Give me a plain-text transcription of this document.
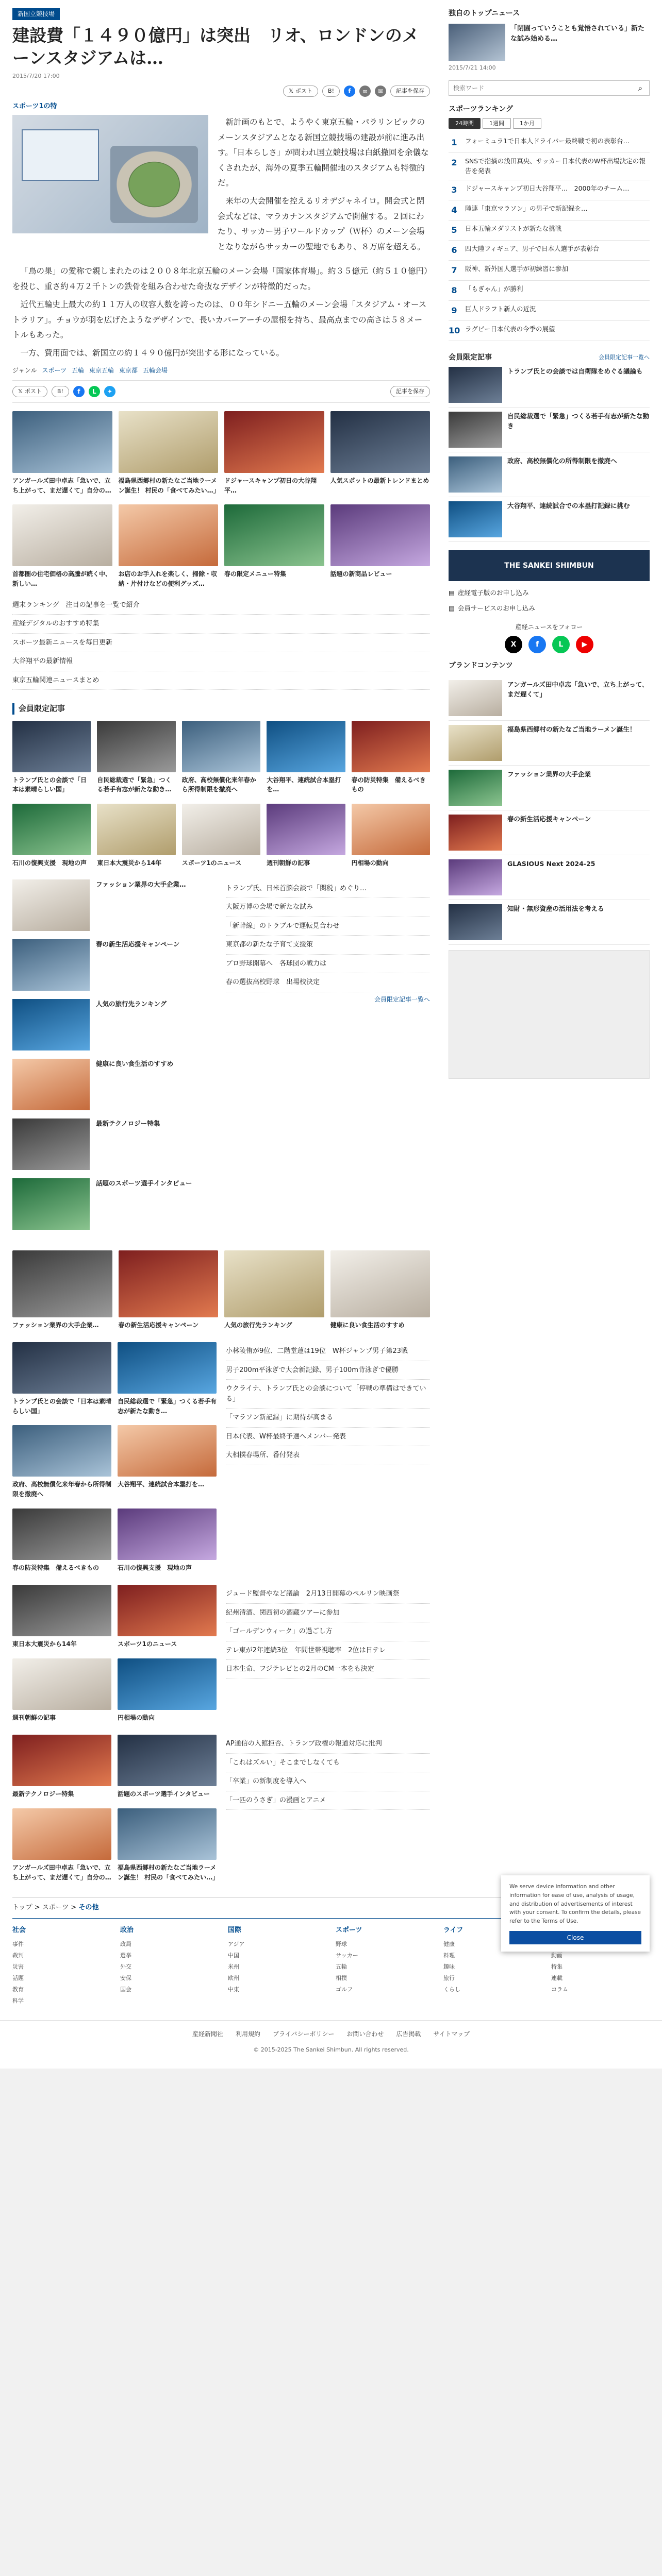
新国立競技場
建設費「１４９０億円」は突出　リオ、ロンドンのメーンスタジアムは…
2015/7/20 17:00
𝕏 ポスト	B!	f	∞	✉	記事を保存
スポーツ1の特

新計画のもとで、ようやく東京五輪・パラリンピックのメーンスタジアムとなる新国立競技場の建設が前に進み出す。「日本らしさ」が問われ国立競技場は白紙撤回を余儀なくされたが、海外の夏季五輪開催地のスタジアムも特徴的だ。

来年の大会開催を控えるリオデジャネイロ。開会式と閉会式などは、マラカナンスタジアムで開催する。２回にわたり、サッカー男子ワールドカップ（Ｗ杯）のメーン会場となりながらサッカーの聖地でもあり、８万席を超える。

「鳥の巣」の愛称で親しまれたのは２００８年北京五輪のメーン会場「国家体育場」。約３５億元（約５１０億円）を投じ、重さ約４万２千トンの鉄骨を組み合わせた奇抜なデザインが特徴的だった。

近代五輪史上最大の約１１万人の収容人数を誇ったのは、００年シドニー五輪のメーン会場「スタジアム・オーストラリア」。チョウが羽を広げたようなデザインで、長いカバーアーチの屋根を持ち、最高点までの高さは５８メートルもあった。

一方、費用面では、新国立の約１４９０億円が突出する形になっている。

ジャンル スポーツ 五輪 東京五輪 東京都 五輪会場
𝕏 ポスト	B!	f	L	✦	記事を保存
アンガールズ田中卓志「急いで、立ち上がって、まだ遅くて」自分の…
福島県西郷村の新たなご当地ラーメン誕生！ 村民の「食べてみたい…」
ドジャースキャンプ初日の大谷翔平…
人気スポットの最新トレンドまとめ
首都圏の住宅価格の高騰が続く中、新しい…
お店のお手入れを楽しく、掃除・収納・片付けなどの便利グッズ…
春の限定メニュー特集	話題の新商品レビュー
週末ランキング　注目の記事を一覧で紹介
産経デジタルのおすすめ特集
スポーツ最新ニュースを毎日更新
大谷翔平の最新情報
東京五輪関連ニュースまとめ
会員限定記事
トランプ氏との会談で「日本は素晴らしい国」
自民総裁選で「緊急」つくる若手有志が新たな動き…
政府、高校無償化来年春から所得制限を撤廃へ
大谷翔平、連続試合本塁打を…
春の防災特集　備えるべきもの
石川の復興支援　現地の声	東日本大震災から14年	スポーツ1のニュース	週刊朝鮮の記事	円相場の動向
ファッション業界の大手企業…
春の新生活応援キャンペーン
人気の旅行先ランキング
健康に良い食生活のすすめ
最新テクノロジー特集
話題のスポーツ選手インタビュー
トランプ氏、日米首脳会談で「関税」めぐり…
大阪万博の会場で新たな試み
「新幹線」のトラブルで運転見合わせ
東京都の新たな子育て支援策
プロ野球開幕へ　各球団の戦力は
春の選抜高校野球　出場校決定
会員限定記事一覧へ
ファッション業界の大手企業…	春の新生活応援キャンペーン	人気の旅行先ランキング	健康に良い食生活のすすめ
トランプ氏との会談で「日本は素晴らしい国」
自民総裁選で「緊急」つくる若手有志が新たな動き…
政府、高校無償化来年春から所得制限を撤廃へ
大谷翔平、連続試合本塁打を…
春の防災特集　備えるべきもの	石川の復興支援　現地の声
小林陵侑が9位、二階堂蓮は19位　W杯ジャンプ男子第23戦
男子200m平泳ぎで大会新記録、男子100m背泳ぎで優勝
ウクライナ、トランプ氏との会談について「停戦の準備はできている」
「マラソン新記録」に期待が高まる
日本代表、W杯最終予選へメンバー発表
大相撲春場所、番付発表
東日本大震災から14年	スポーツ1のニュース
週刊朝鮮の記事	円相場の動向
ジュード監督やなど議論　2月13日開幕のペルリン映画祭
紀州清酒、関西初の酒蔵ツアーに参加
「ゴールデンウィーク」の過ごし方
テレ東が2年連続3位　年間世帯視聴率　2位は日テレ
日本生命、フジテレビとの2月のCM一本をも決定
最新テクノロジー特集	話題のスポーツ選手インタビュー
アンガールズ田中卓志「急いで、立ち上がって、まだ遅くて」自分の…
福島県西郷村の新たなご当地ラーメン誕生！ 村民の「食べてみたい…」
AP通信の入館拒否、トランプ政権の報道対応に批判
「これはズルい」そこまでしなくても
「卒業」の新制度を導入へ
「一匹のうさぎ」の漫画とアニメ
独自のトップニュース
「閉園っていうことも覚悟されている」新たな試み始める…
2015/7/21 14:00
検索ワード
⌕
スポーツランキング
24時間	1週間	1か月
1	フォーミュラ1で日本人ドライバー最終戦で初の表彰台…
2	SNSで指摘の浅田真央、サッカー日本代表のW杯出場決定の報告を発表
3	ドジャースキャンプ初日大谷翔平…　2000年のチーム…
4	陸連「東京マラソン」の男子で新記録を…
5	日本五輪メダリストが新たな挑戦
6	四大陸フィギュア、男子で日本人選手が表彰台
7	阪神、新外国人選手が初練習に参加
8	「もぎゃん」が勝利
9	巨人ドラフト新人の近況
10 ラグビー日本代表の今季の展望
会員限定記事	会員限定記事一覧へ
トランプ氏との会談では自衛隊をめぐる議論も
自民総裁選で「緊急」つくる若手有志が新たな動き
政府、高校無償化の所得制限を撤廃へ
大谷翔平、連続試合での本塁打記録に挑む
THE SANKEI SHIMBUN
▤ 産経電子版のお申し込み
▤ 会員サービスのお申し込み
産経ニュースをフォロー
X	f	L	▶
ブランドコンテンツ
アンガールズ田中卓志「急いで、立ち上がって、まだ遅くて」
福島県西郷村の新たなご当地ラーメン誕生！
ファッション業界の大手企業
春の新生活応援キャンペーン
GLASIOUS Next 2024-25
知財・無形資産の活用法を考える
We serve device information and other information for ease of use, analysis of usage, and distribution of advertisements of interest with your consent. To confirm the details, please refer to the Terms of Use.
Close
トップ > スポーツ > その他
社会
事件
裁判
災害
話題
教育
科学
政治
政局
選挙
外交
安保
国会
国際
アジア
中国
米州
欧州
中東
スポーツ
野球
サッカー
五輪
相撲
ゴルフ
ライフ
健康
料理
趣味
旅行
くらし
動画
特集
連載
コラム
産経新聞社 利用規約 プライバシーポリシー お問い合わせ 広告掲載 サイトマップ
© 2015-2025 The Sankei Shimbun. All rights reserved.
